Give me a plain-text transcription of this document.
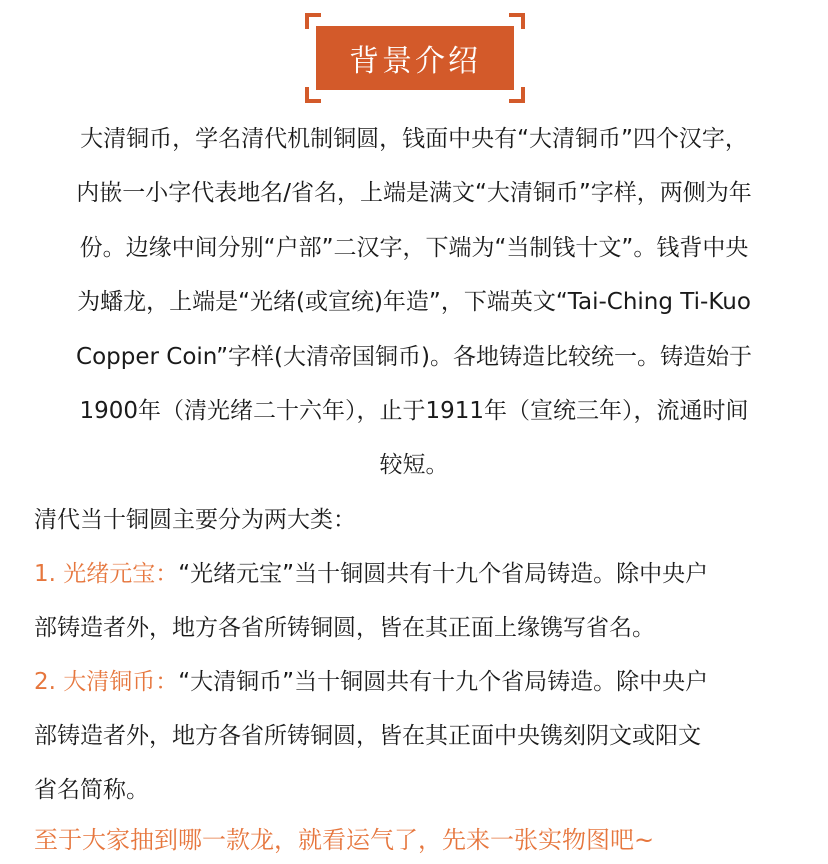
背景介绍
大清铜币，学名清代机制铜圆，钱面中央有“大清铜币”四个汉字，
内嵌一小字代表地名/省名，上端是满文“大清铜币”字样，两侧为年
份。边缘中间分别“户部”二汉字，下端为“当制钱十文”。钱背中央
为蟠龙，上端是“光绪(或宣统)年造”，下端英文“Tai-Ching Ti-Kuo
Copper Coin”字样(大清帝国铜币)。各地铸造比较统一。铸造始于
1900年（清光绪二十六年），止于1911年（宣统三年），流通时间
较短。
清代当十铜圆主要分为两大类：
1. 光绪元宝：“光绪元宝”当十铜圆共有十九个省局铸造。除中央户
部铸造者外，地方各省所铸铜圆，皆在其正面上缘镌写省名。
2. 大清铜币：“大清铜币”当十铜圆共有十九个省局铸造。除中央户
部铸造者外，地方各省所铸铜圆，皆在其正面中央镌刻阴文或阳文
省名简称。
至于大家抽到哪一款龙，就看运气了，先来一张实物图吧~
